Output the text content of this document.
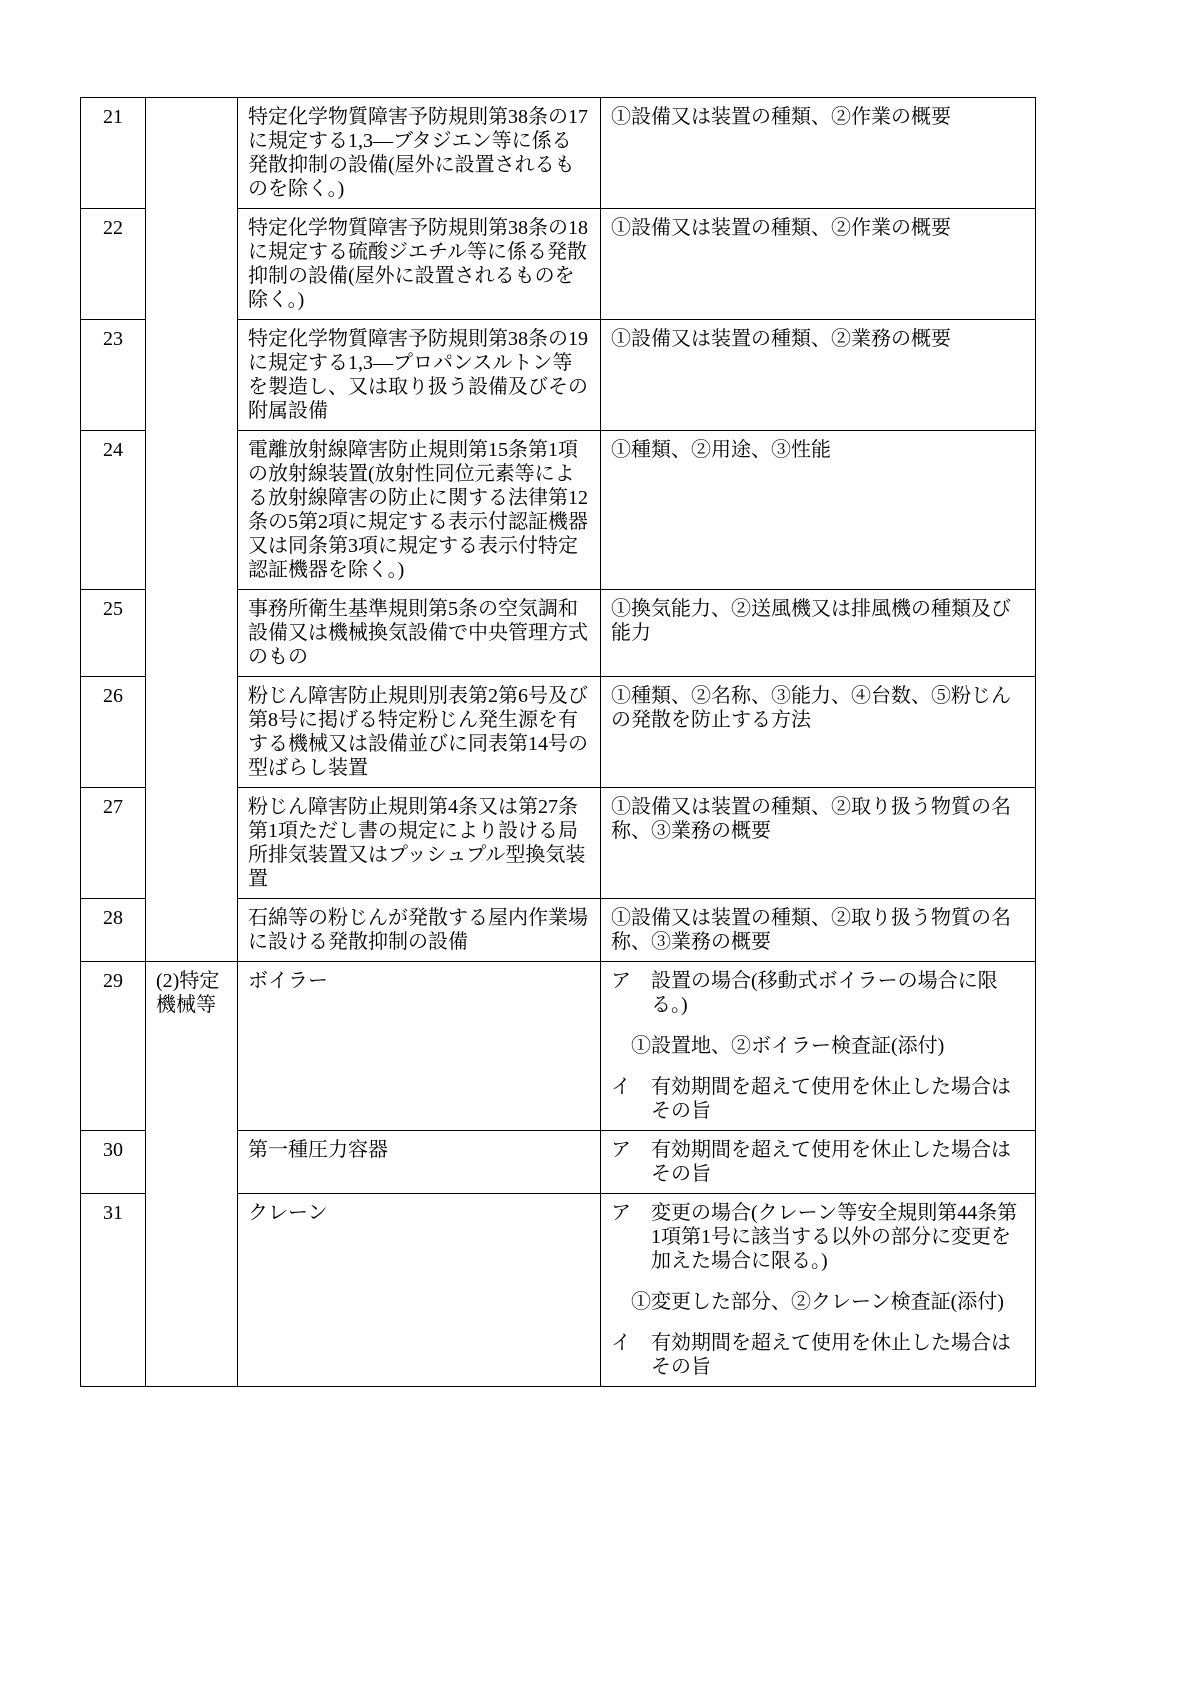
21		特定化学物質障害予防規則第38条の17に規定する1,3―ブタジエン等に係る発散抑制の設備(屋外に設置されるものを除く。)	①設備又は装置の種類、②作業の概要

22		特定化学物質障害予防規則第38条の18に規定する硫酸ジエチル等に係る発散抑制の設備(屋外に設置されるものを除く。)	①設備又は装置の種類、②作業の概要

23		特定化学物質障害予防規則第38条の19に規定する1,3―プロパンスルトン等を製造し、又は取り扱う設備及びその附属設備	①設備又は装置の種類、②業務の概要

24		電離放射線障害防止規則第15条第1項の放射線装置(放射性同位元素等による放射線障害の防止に関する法律第12条の5第2項に規定する表示付認証機器又は同条第3項に規定する表示付特定認証機器を除く。)	①種類、②用途、③性能

25		事務所衛生基準規則第5条の空気調和設備又は機械換気設備で中央管理方式のもの	①換気能力、②送風機又は排風機の種類及び能力

26		粉じん障害防止規則別表第2第6号及び第8号に掲げる特定粉じん発生源を有する機械又は設備並びに同表第14号の型ばらし装置	①種類、②名称、③能力、④台数、⑤粉じんの発散を防止する方法

27		粉じん障害防止規則第4条又は第27条第1項ただし書の規定により設ける局所排気装置又はプッシュプル型換気装置	①設備又は装置の種類、②取り扱う物質の名称、③業務の概要

28		石綿等の粉じんが発散する屋内作業場に設ける発散抑制の設備	①設備又は装置の種類、②取り扱う物質の名称、③業務の概要

29	(2)特定機械等	ボイラー	ア　設置の場合(移動式ボイラーの場合に限る。)
①設置地、②ボイラー検査証(添付)
イ　有効期間を超えて使用を休止した場合はその旨

30		第一種圧力容器	ア　有効期間を超えて使用を休止した場合はその旨

31		クレーン	ア　変更の場合(クレーン等安全規則第44条第1項第1号に該当する以外の部分に変更を加えた場合に限る。)
①変更した部分、②クレーン検査証(添付)
イ　有効期間を超えて使用を休止した場合はその旨
